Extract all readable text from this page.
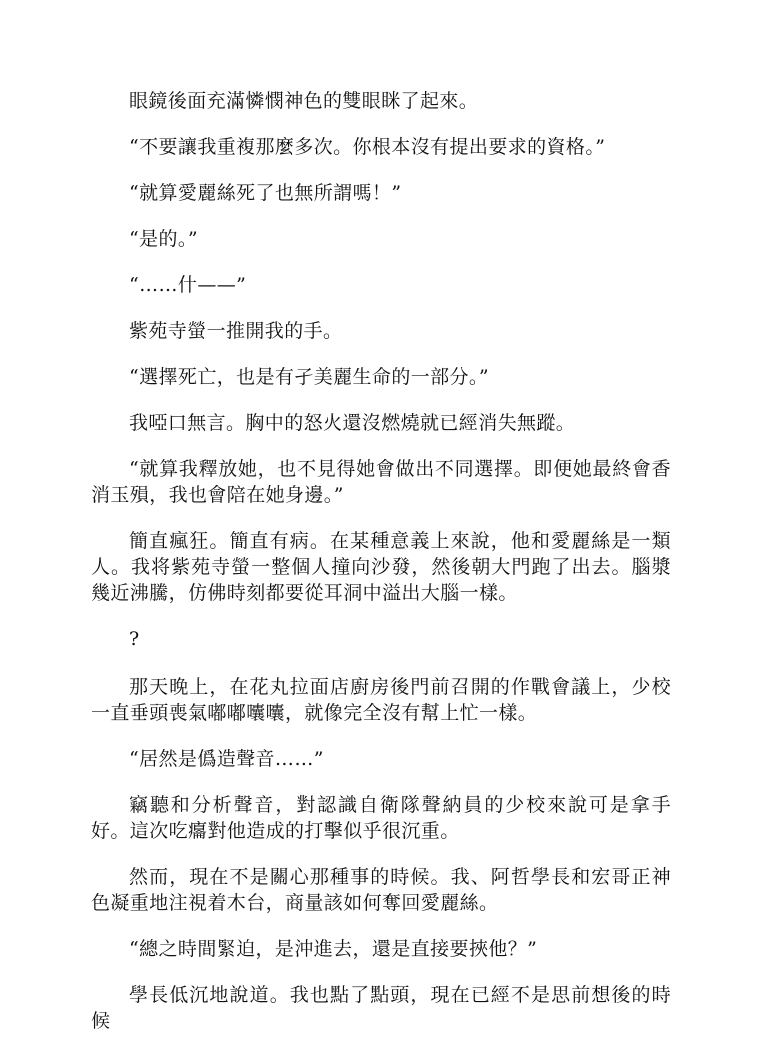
眼鏡後面充滿憐憫神色的雙眼眯了起來。

“不要讓我重複那麼多次。你根本沒有提出要求的資格。”

“就算愛麗絲死了也無所謂嗎！”

“是的。”

“……什——”

紫苑寺螢一推開我的手。

“選擇死亡，也是有孑美麗生命的一部分。”

我啞口無言。胸中的怒火還沒燃燒就已經消失無蹤。

“就算我釋放她，也不見得她會做出不同選擇。即便她最終會香消玉殞，我也會陪在她身邊。”

簡直瘋狂。簡直有病。在某種意義上來說，他和愛麗絲是一類人。我将紫苑寺螢一整個人撞向沙發，然後朝大門跑了出去。腦漿幾近沸騰，仿佛時刻都要從耳洞中溢出大腦一樣。

?

那天晚上，在花丸拉面店廚房後門前召開的作戰會議上，少校一直垂頭喪氣嘟嘟囔囔，就像完全沒有幫上忙一樣。

“居然是僞造聲音……”

竊聽和分析聲音，對認識自衛隊聲納員的少校來說可是拿手好。這次吃癟對他造成的打擊似乎很沉重。

然而，現在不是關心那種事的時候。我、阿哲學長和宏哥正神色凝重地注視着木台，商量該如何奪回愛麗絲。

“總之時間緊迫，是沖進去，還是直接要挾他？”

學長低沉地說道。我也點了點頭，現在已經不是思前想後的時候
